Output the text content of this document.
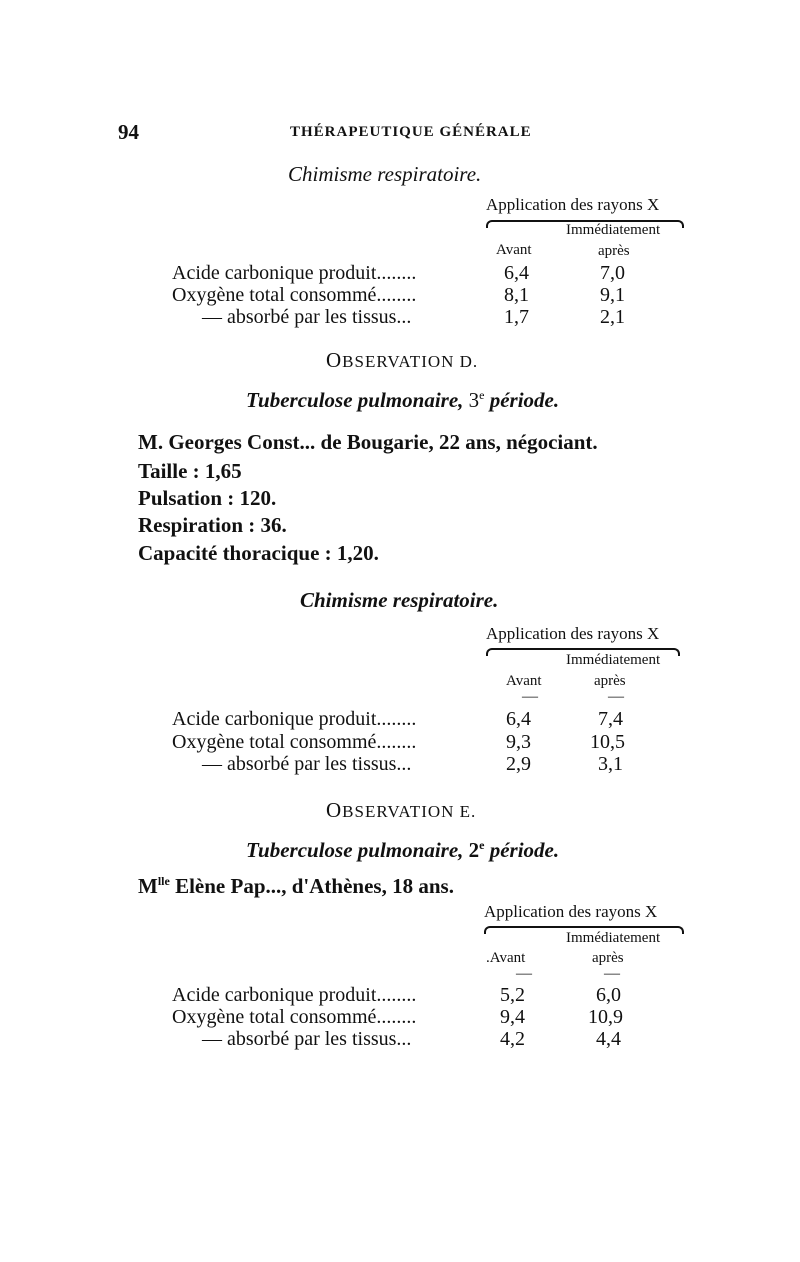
94	THÉRAPEUTIQUE GÉNÉRALE
Chimisme respiratoire.
Application des rayons X
Immédiatement
Avant	après
Acide carbonique produit........	6,4	7,0
Oxygène total consommé........	8,1	9,1
— absorbé par les tissus...	1,7	2,1
OBSERVATION D.
Tuberculose pulmonaire, 3e période.
M. Georges Const... de Bougarie, 22 ans, négociant.
Taille : 1,65
Pulsation : 120.
Respiration : 36.
Capacité thoracique : 1,20.
Chimisme respiratoire.
Application des rayons X
Immédiatement
Avant	après
—	—
Acide carbonique produit........	6,4	7,4
Oxygène total consommé........	9,3	10,5
— absorbé par les tissus...	2,9	3,1
OBSERVATION E.
Tuberculose pulmonaire, 2e période.
$M^{lle}$ Elène Pap..., d'Athènes, 18 ans.
Application des rayons X
Immédiatement
.Avant	après
—	—
Acide carbonique produit........	5,2	6,0
Oxygène total consommé........	9,4	10,9
— absorbé par les tissus...	4,2	4,4
